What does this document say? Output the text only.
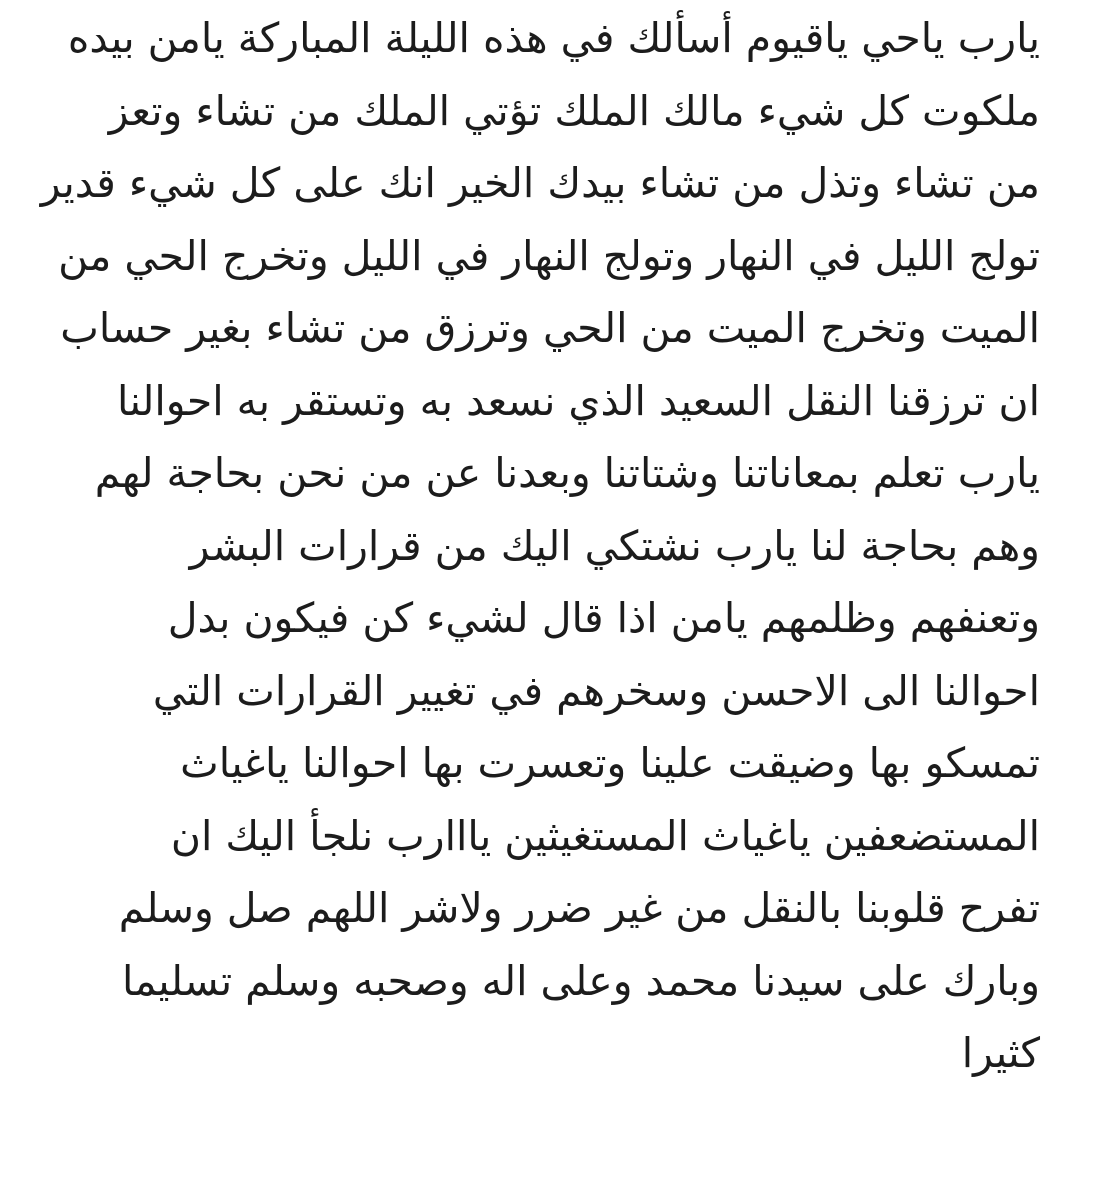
يارب ياحي ياقيوم أسألك في هذه الليلة المباركة يامن بيده
ملكوت كل شيء مالك الملك تؤتي الملك من تشاء وتعز
من تشاء وتذل من تشاء بيدك الخير انك على كل شيء قدير
تولج الليل في النهار وتولج النهار في الليل وتخرج الحي من
الميت وتخرج الميت من الحي وترزق من تشاء بغير حساب
ان ترزقنا النقل السعيد الذي نسعد به وتستقر به احوالنا
يارب تعلم بمعاناتنا وشتاتنا وبعدنا عن من نحن بحاجة لهم
وهم بحاجة لنا يارب نشتكي اليك من قرارات البشر
وتعنفهم وظلمهم يامن اذا قال لشيء كن فيكون بدل
احوالنا الى الاحسن وسخرهم في تغيير القرارات التي
تمسكو بها وضيقت علينا وتعسرت بها احوالنا ياغياث
المستضعفين ياغياث المستغيثين يااارب نلجأ اليك ان
تفرح قلوبنا بالنقل من غير ضرر ولاشر اللهم صل وسلم
وبارك على سيدنا محمد وعلى اله وصحبه وسلم تسليما
كثيرا
